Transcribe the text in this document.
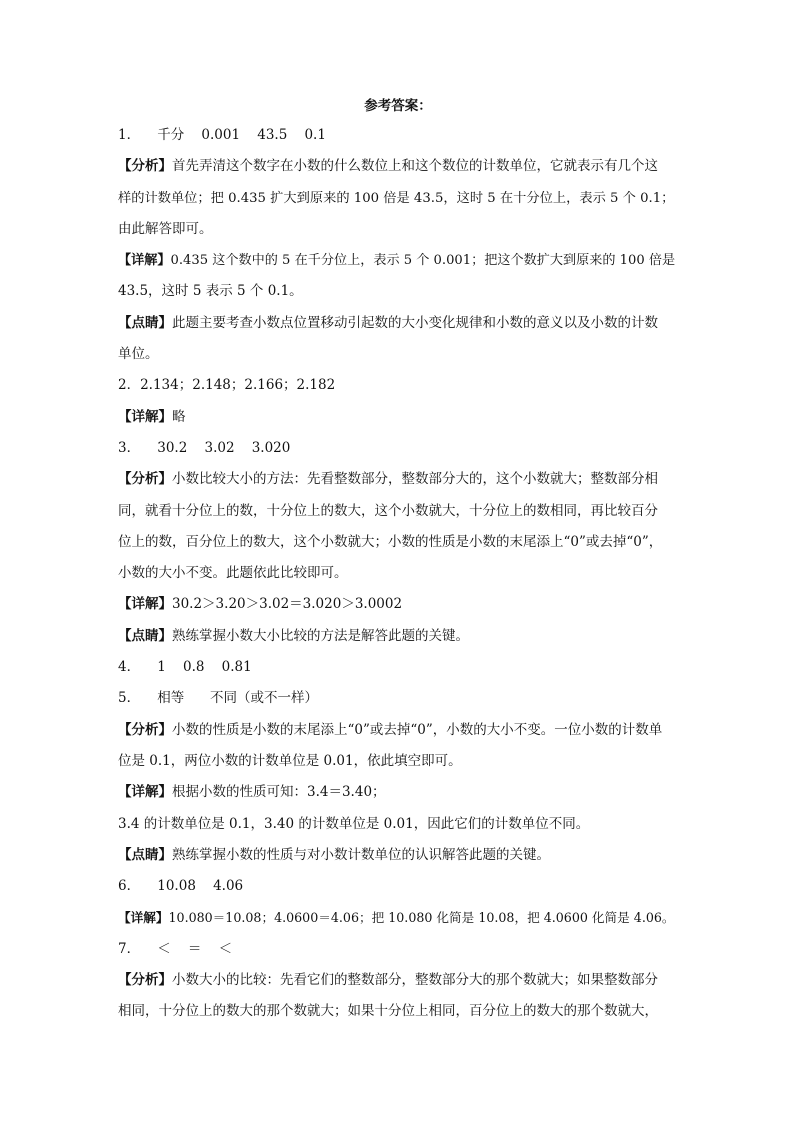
参考答案：
1．    千分    0.001    43.5    0.1
【分析】首先弄清这个数字在小数的什么数位上和这个数位的计数单位，它就表示有几个这
样的计数单位；把 0.435 扩大到原来的 100 倍是 43.5，这时 5 在十分位上，表示 5 个 0.1；
由此解答即可。
【详解】0.435 这个数中的 5 在千分位上，表示 5 个 0.001；把这个数扩大到原来的 100 倍是
43.5，这时 5 表示 5 个 0.1。
【点睛】此题主要考查小数点位置移动引起数的大小变化规律和小数的意义以及小数的计数
单位。
2．2.134；2.148；2.166；2.182
【详解】略
3．    30.2    3.02    3.020
【分析】小数比较大小的方法：先看整数部分，整数部分大的，这个小数就大；整数部分相
同，就看十分位上的数，十分位上的数大，这个小数就大，十分位上的数相同，再比较百分
位上的数，百分位上的数大，这个小数就大；小数的性质是小数的末尾添上“0”或去掉“0”，
小数的大小不变。此题依此比较即可。
【详解】30.2＞3.20＞3.02＝3.020＞3.0002
【点睛】熟练掌握小数大小比较的方法是解答此题的关键。
4．    1    0.8    0.81
5．    相等      不同（或不一样）
【分析】小数的性质是小数的末尾添上“0”或去掉“0”，小数的大小不变。一位小数的计数单
位是 0.1，两位小数的计数单位是 0.01，依此填空即可。
【详解】根据小数的性质可知：3.4＝3.40；
3.4 的计数单位是 0.1，3.40 的计数单位是 0.01，因此它们的计数单位不同。
【点睛】熟练掌握小数的性质与对小数计数单位的认识解答此题的关键。
6．    10.08    4.06
【详解】10.080＝10.08；4.0600＝4.06；把 10.080 化简是 10.08，把 4.0600 化简是 4.06。
7．    ＜    ＝    ＜
【分析】小数大小的比较：先看它们的整数部分，整数部分大的那个数就大；如果整数部分
相同，十分位上的数大的那个数就大；如果十分位上相同，百分位上的数大的那个数就大，
